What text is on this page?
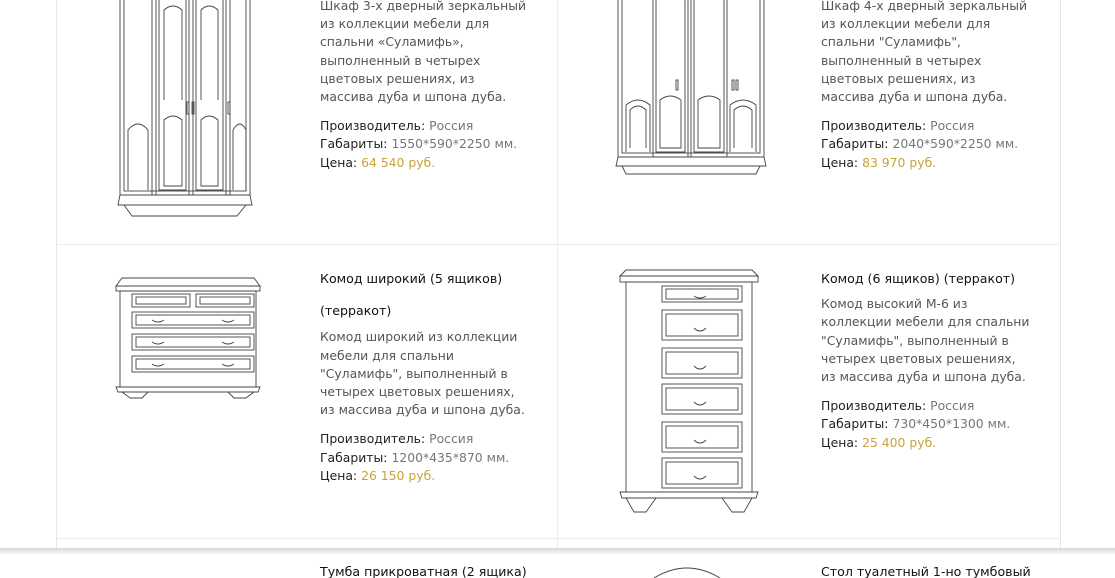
Шкаф 3-х дверный зеркальный из коллекции мебели для спальни «Суламифь», выполненный в четырех цветовых решениях, из массива дуба и шпона дуба.

Производитель: Россия
Габариты: 1550*590*2250 мм.
Цена: 64 540 руб.

Шкаф 4-х дверный зеркальный из коллекции мебели для спальни "Суламифь", выполненный в четырех цветовых решениях, из массива дуба и шпона дуба.

Производитель: Россия
Габариты: 2040*590*2250 мм.
Цена: 83 970 руб.

Комод широкий (5 ящиков)

(терракот)

Комод широкий из коллекции мебели для спальни "Суламифь", выполненный в четырех цветовых решениях, из массива дуба и шпона дуба.

Производитель: Россия
Габариты: 1200*435*870 мм.
Цена: 26 150 руб.

Комод (6 ящиков) (терракот)

Комод высокий М-6 из коллекции мебели для спальни "Суламифь", выполненный в четырех цветовых решениях, из массива дуба и шпона дуба.

Производитель: Россия
Габариты: 730*450*1300 мм.
Цена: 25 400 руб.

Тумба прикроватная (2 ящика)	Стол туалетный 1-но тумбовый
